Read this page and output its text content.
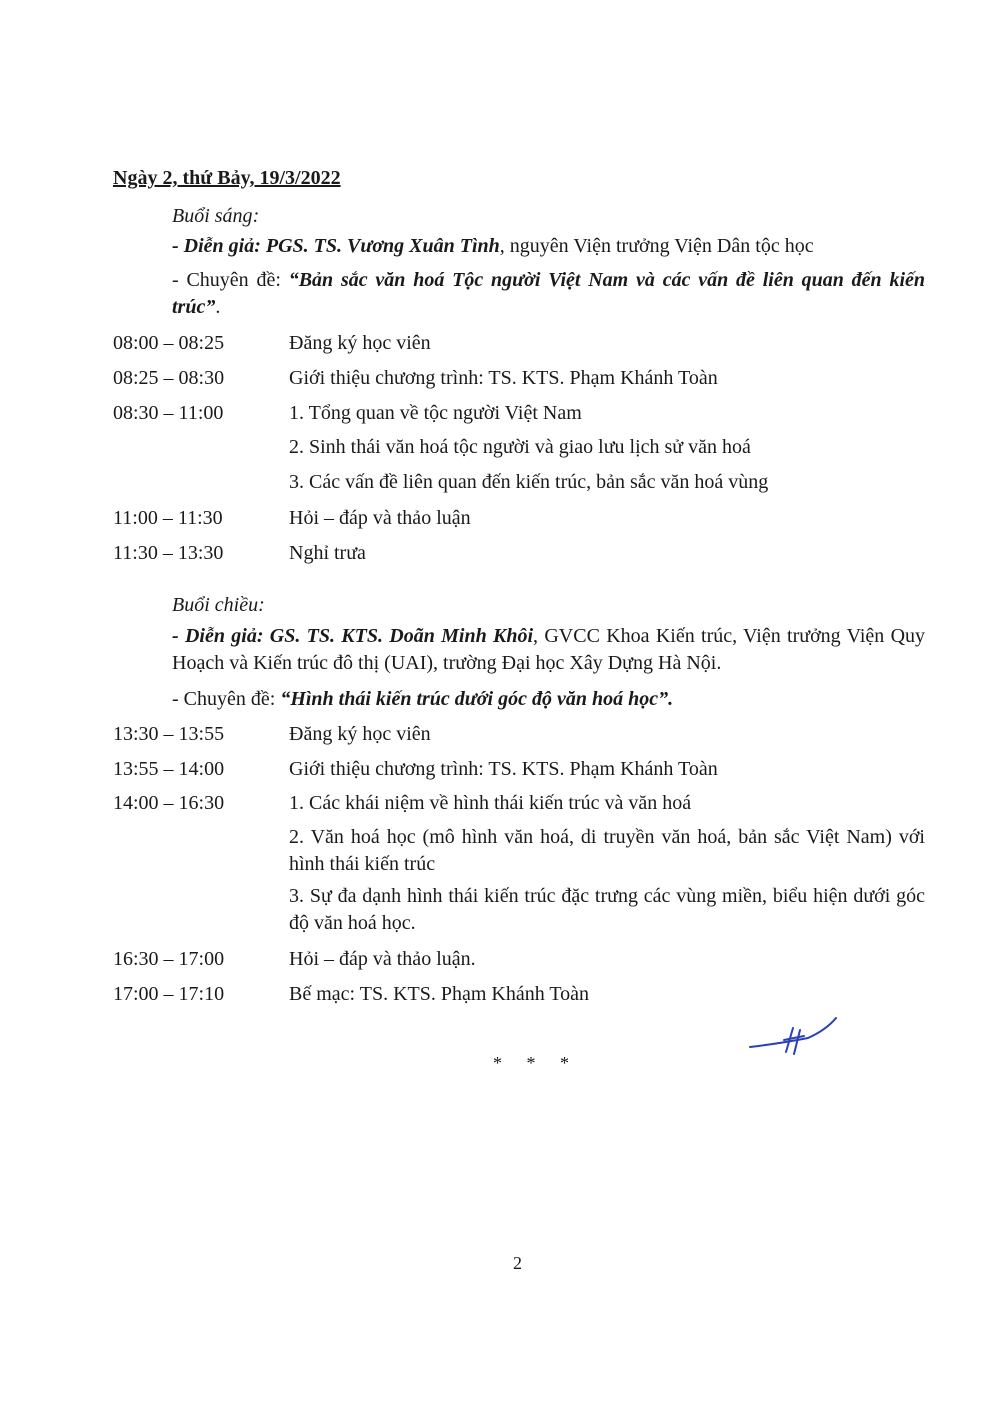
Ngày 2, thứ Bảy, 19/3/2022
Buổi sáng:
- Diễn giả: PGS. TS. Vương Xuân Tình, nguyên Viện trưởng Viện Dân tộc học
- Chuyên đề: “Bản sắc văn hoá Tộc người Việt Nam và các vấn đề liên quan đến kiến trúc”.
08:00 – 08:25	Đăng ký học viên
08:25 – 08:30	Giới thiệu chương trình: TS. KTS. Phạm Khánh Toàn
08:30 – 11:00	1. Tổng quan về tộc người Việt Nam
2. Sinh thái văn hoá tộc người và giao lưu lịch sử văn hoá
3. Các vấn đề liên quan đến kiến trúc, bản sắc văn hoá vùng
11:00 – 11:30	Hỏi – đáp và thảo luận
11:30 – 13:30	Nghỉ trưa
Buổi chiều:
- Diễn giả: GS. TS. KTS. Doãn Minh Khôi, GVCC Khoa Kiến trúc, Viện trưởng Viện Quy Hoạch và Kiến trúc đô thị (UAI), trường Đại học Xây Dựng Hà Nội.
- Chuyên đề: “Hình thái kiến trúc dưới góc độ văn hoá học”.
13:30 – 13:55	Đăng ký học viên
13:55 – 14:00	Giới thiệu chương trình: TS. KTS. Phạm Khánh Toàn
14:00 – 16:30	1. Các khái niệm về hình thái kiến trúc và văn hoá
2. Văn hoá học (mô hình văn hoá, di truyền văn hoá, bản sắc Việt Nam) với hình thái kiến trúc
3. Sự đa dạnh hình thái kiến trúc đặc trưng các vùng miền, biểu hiện dưới góc độ văn hoá học.
16:30 – 17:00	Hỏi – đáp và thảo luận.
17:00 – 17:10	Bế mạc: TS. KTS. Phạm Khánh Toàn
* * *
2
